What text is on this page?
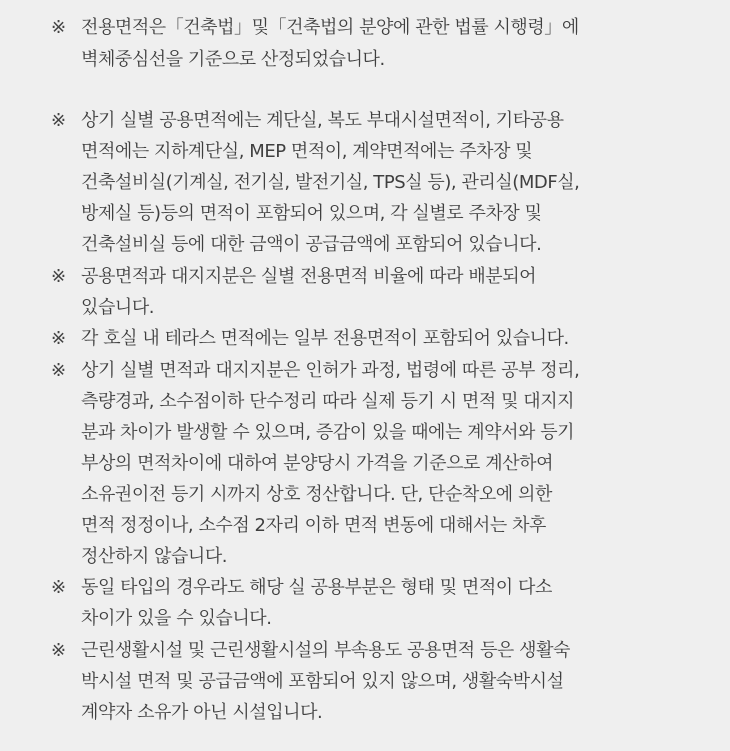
※ 전용면적은「건축법」및「건축법의 분양에 관한 법률 시행령」에
벽체중심선을 기준으로 산정되었습니다.
※ 상기 실별 공용면적에는 계단실, 복도 부대시설면적이, 기타공용
면적에는 지하계단실, MEP 면적이, 계약면적에는 주차장 및
건축설비실(기계실, 전기실, 발전기실, TPS실 등), 관리실(MDF실,
방제실 등)등의 면적이 포함되어 있으며, 각 실별로 주차장 및
건축설비실 등에 대한 금액이 공급금액에 포함되어 있습니다.
※ 공용면적과 대지지분은 실별 전용면적 비율에 따라 배분되어
있습니다.
※ 각 호실 내 테라스 면적에는 일부 전용면적이 포함되어 있습니다.
※ 상기 실별 면적과 대지지분은 인허가 과정, 법령에 따른 공부 정리,
측량경과, 소수점이하 단수정리 따라 실제 등기 시 면적 및 대지지
분과 차이가 발생할 수 있으며, 증감이 있을 때에는 계약서와 등기
부상의 면적차이에 대하여 분양당시 가격을 기준으로 계산하여
소유권이전 등기 시까지 상호 정산합니다. 단, 단순착오에 의한
면적 정정이나, 소수점 2자리 이하 면적 변동에 대해서는 차후
정산하지 않습니다.
※ 동일 타입의 경우라도 해당 실 공용부분은 형태 및 면적이 다소
차이가 있을 수 있습니다.
※ 근린생활시설 및 근린생활시설의 부속용도 공용면적 등은 생활숙
박시설 면적 및 공급금액에 포함되어 있지 않으며, 생활숙박시설
계약자 소유가 아닌 시설입니다.
